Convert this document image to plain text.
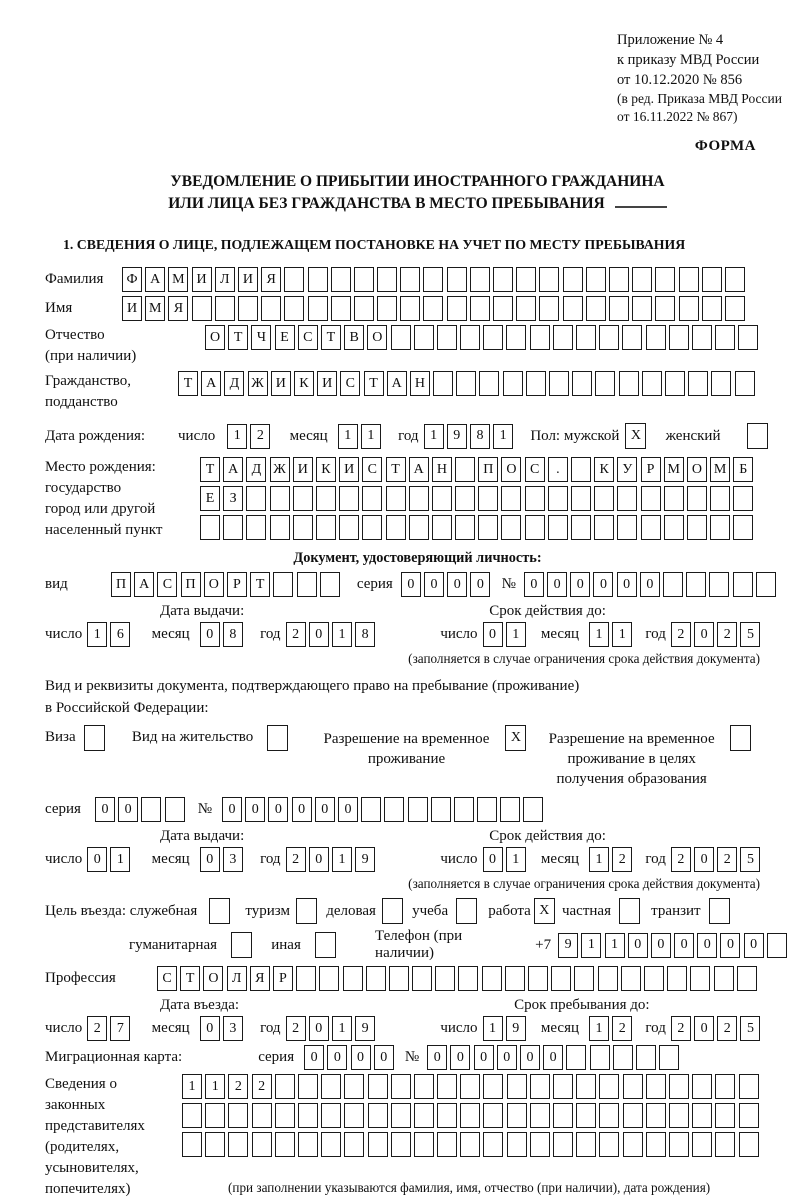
Приложение № 4
к приказу МВД России
от 10.12.2020 № 856
(в ред. Приказа МВД России
от 16.11.2022 № 867)
ФОРМА
УВЕДОМЛЕНИЕ О ПРИБЫТИИ ИНОСТРАННОГО ГРАЖДАНИНА
ИЛИ ЛИЦА БЕЗ ГРАЖДАНСТВА В МЕСТО ПРЕБЫВАНИЯ
1. СВЕДЕНИЯ О ЛИЦЕ, ПОДЛЕЖАЩЕМ ПОСТАНОВКЕ НА УЧЕТ ПО МЕСТУ ПРЕБЫВАНИЯ
Фамилия	Ф А М И Л И Я
Имя	И М Я
Отчество
(при наличии)
О Т	Ч	Е	С	Т	В О
Гражданство,
подданство
Т А Д Ж И К И С	Т А Н
Дата рождения:	число	1	2	месяц	1	1	год 1	9	8	1	Пол: мужской X	женский
Место рождения:
государство
город или другой
населенный пункт
Т А Д Ж И К И С	Т А Н	П О С	.	К У	Р М О М Б
Е	З
Документ, удостоверяющий личность:
вид	П А С П О	Р	Т	серия	0	0	0	0	№	0	0	0	0	0	0
Дата выдачи:	Срок действия до:
число 1	6	месяц	0	8	год 2	0	1	8	число 0	1	месяц	1	1	год 2	0	2	5
(заполняется в случае ограничения срока действия документа)
Вид и реквизиты документа, подтверждающего право на пребывание (проживание)
в Российской Федерации:
Виза	Вид на жительство	Разрешение на временное
проживание
X	Разрешение на временное
проживание в целях
получения образования
серия	0	0	№	0	0	0	0	0	0
Дата выдачи:	Срок действия до:
число 0	1	месяц	0	3	год 2	0	1	9	число 0	1	месяц	1	2	год 2	0	2	5
(заполняется в случае ограничения срока действия документа)
Цель въезда: служебная	туризм деловая учеба	работа X частная	транзит
гуманитарная	иная
Телефон (при наличии)
+7 9	1	1	0	0	0	0	0	0
Профессия	С	Т О Л Я	Р
Дата въезда:	Срок пребывания до:
число 2	7	месяц	0	3	год 2	0	1	9	число 1	9	месяц	1	2	год 2	0	2	5
Миграционная карта:	серия	0	0	0	0	№	0	0	0	0	0	0
Сведения о
законных
представителях
(родителях,
усыновителях,
попечителях)
1	1	2	2
(при заполнении указываются фамилия, имя, отчество (при наличии), дата рождения)
